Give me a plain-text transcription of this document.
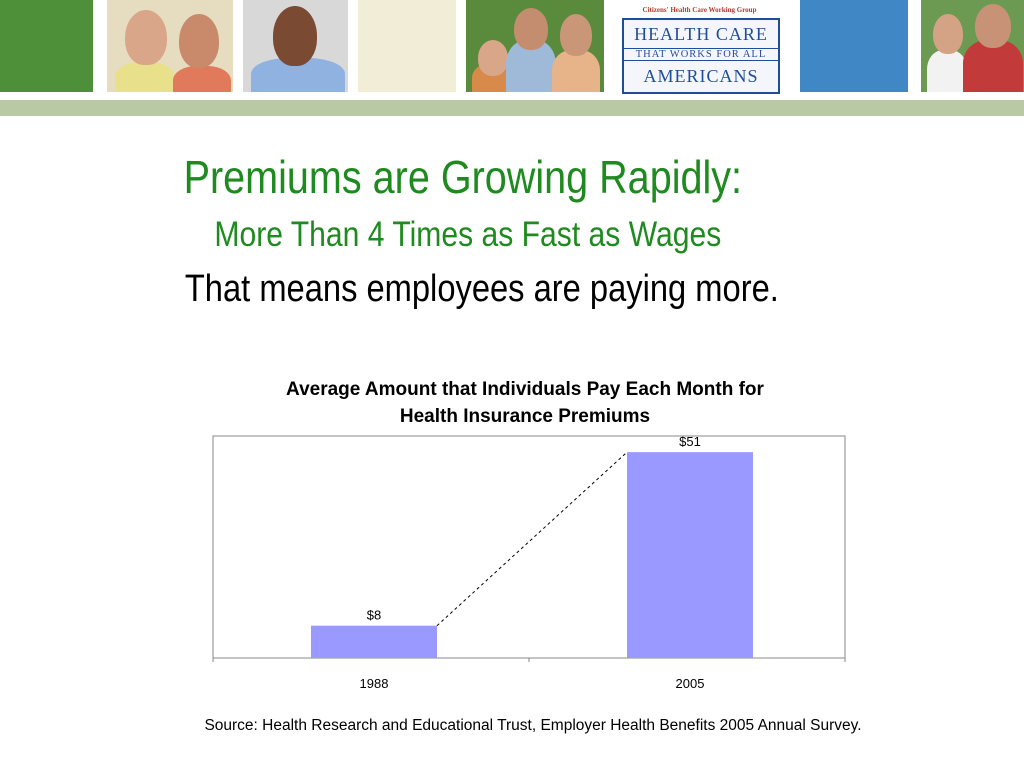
Citizens' Health Care Working Group
HEALTH CARE
THAT WORKS FOR ALL
AMERICANS
Premiums are Growing Rapidly:
More Than 4 Times as Fast as Wages
That means employees are paying more.
Average Amount that Individuals Pay Each Month for
Health Insurance Premiums
$8
1988
$51
2005
Source: Health Research and Educational Trust, Employer Health Benefits 2005 Annual Survey.
